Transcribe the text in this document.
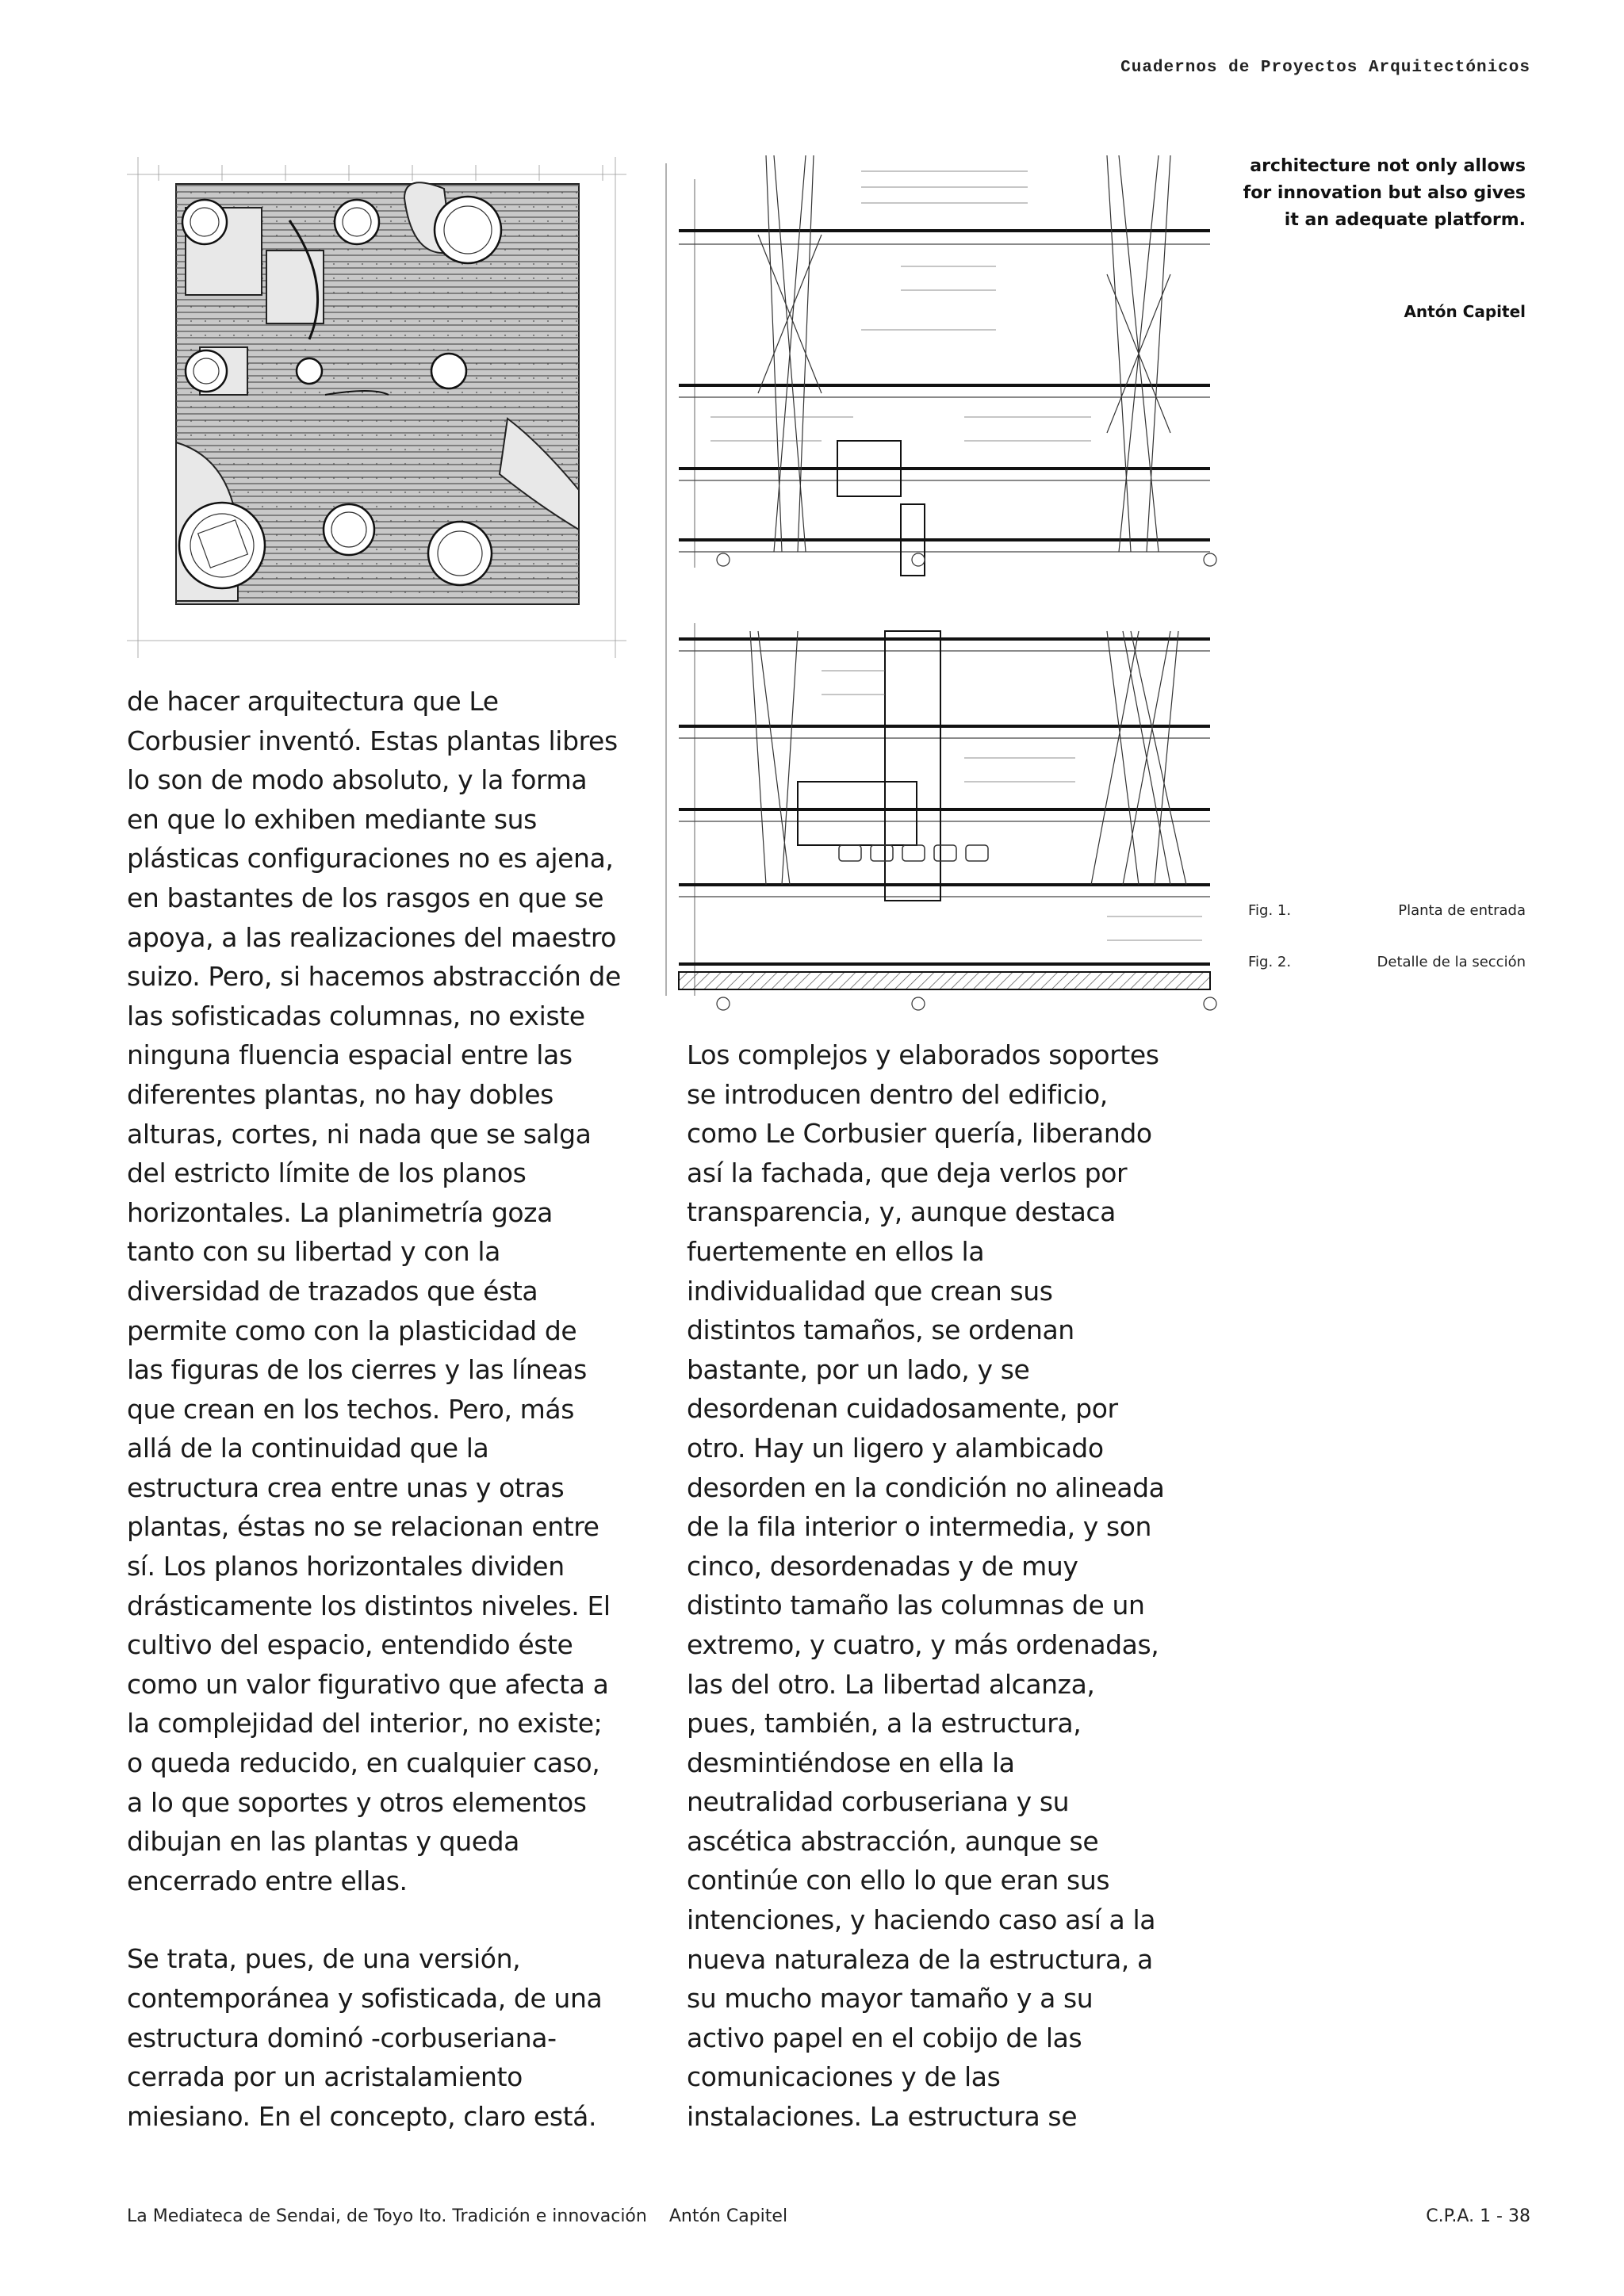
Cuadernos de Proyectos Arquitectónicos
architecture not only allows
for innovation but also gives
it an adequate platform.
Antón Capitel
Fig. 1.	Planta de entrada
Fig. 2.	Detalle de la sección
de hacer arquitectura que Le
Corbusier inventó. Estas plantas libres
lo son de modo absoluto, y la forma
en que lo exhiben mediante sus
plásticas configuraciones no es ajena,
en bastantes de los rasgos en que se
apoya, a las realizaciones del maestro
suizo. Pero, si hacemos abstracción de
las sofisticadas columnas, no existe
ninguna fluencia espacial entre las
diferentes plantas, no hay dobles
alturas, cortes, ni nada que se salga
del estricto límite de los planos
horizontales. La planimetría goza
tanto con su libertad y con la
diversidad de trazados que ésta
permite como con la plasticidad de
las figuras de los cierres y las líneas
que crean en los techos. Pero, más
allá de la continuidad que la
estructura crea entre unas y otras
plantas, éstas no se relacionan entre
sí. Los planos horizontales dividen
drásticamente los distintos niveles. El
cultivo del espacio, entendido éste
como un valor figurativo que afecta a
la complejidad del interior, no existe;
o queda reducido, en cualquier caso,
a lo que soportes y otros elementos
dibujan en las plantas y queda
encerrado entre ellas.
Se trata, pues, de una versión,
contemporánea y sofisticada, de una
estructura dominó -corbuseriana-
cerrada por un acristalamiento
miesiano. En el concepto, claro está.
Los complejos y elaborados soportes
se introducen dentro del edificio,
como Le Corbusier quería, liberando
así la fachada, que deja verlos por
transparencia, y, aunque destaca
fuertemente en ellos la
individualidad que crean sus
distintos tamaños, se ordenan
bastante, por un lado, y se
desordenan cuidadosamente, por
otro. Hay un ligero y alambicado
desorden en la condición no alineada
de la fila interior o intermedia, y son
cinco, desordenadas y de muy
distinto tamaño las columnas de un
extremo, y cuatro, y más ordenadas,
las del otro. La libertad alcanza,
pues, también, a la estructura,
desmintiéndose en ella la
neutralidad corbuseriana y su
ascética abstracción, aunque se
continúe con ello lo que eran sus
intenciones, y haciendo caso así a la
nueva naturaleza de la estructura, a
su mucho mayor tamaño y a su
activo papel en el cobijo de las
comunicaciones y de las
instalaciones. La estructura se
La Mediateca de Sendai, de Toyo Ito. Tradición e innovación Antón Capitel	C.P.A. 1 - 38
